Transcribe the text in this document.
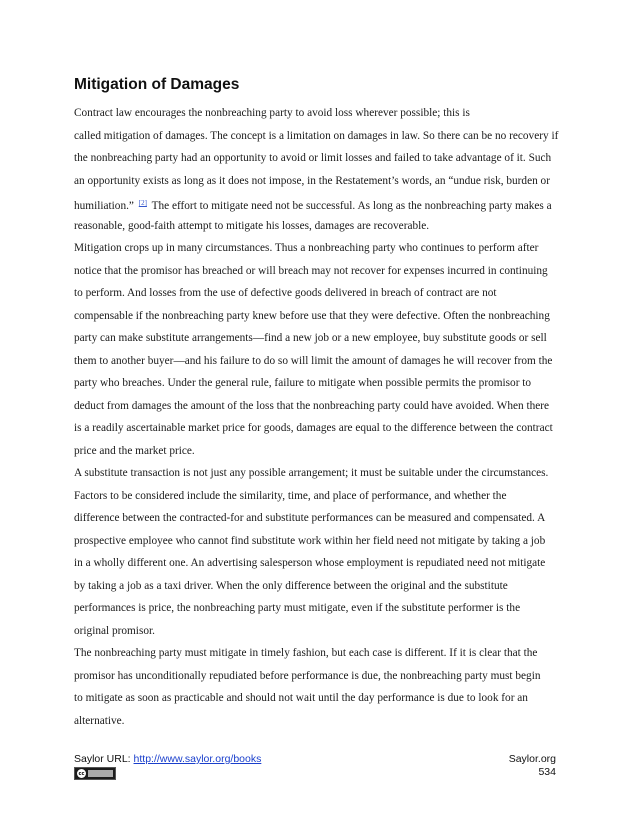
Mitigation of Damages
Contract law encourages the nonbreaching party to avoid loss wherever possible; this is
called mitigation of damages. The concept is a limitation on damages in law. So there can be no recovery if
the nonbreaching party had an opportunity to avoid or limit losses and failed to take advantage of it. Such
an opportunity exists as long as it does not impose, in the Restatement’s words, an “undue risk, burden or
humiliation.” [2] The effort to mitigate need not be successful. As long as the nonbreaching party makes a
reasonable, good-faith attempt to mitigate his losses, damages are recoverable.
Mitigation crops up in many circumstances. Thus a nonbreaching party who continues to perform after
notice that the promisor has breached or will breach may not recover for expenses incurred in continuing
to perform. And losses from the use of defective goods delivered in breach of contract are not
compensable if the nonbreaching party knew before use that they were defective. Often the nonbreaching
party can make substitute arrangements—find a new job or a new employee, buy substitute goods or sell
them to another buyer—and his failure to do so will limit the amount of damages he will recover from the
party who breaches. Under the general rule, failure to mitigate when possible permits the promisor to
deduct from damages the amount of the loss that the nonbreaching party could have avoided. When there
is a readily ascertainable market price for goods, damages are equal to the difference between the contract
price and the market price.
A substitute transaction is not just any possible arrangement; it must be suitable under the circumstances.
Factors to be considered include the similarity, time, and place of performance, and whether the
difference between the contracted-for and substitute performances can be measured and compensated. A
prospective employee who cannot find substitute work within her field need not mitigate by taking a job
in a wholly different one. An advertising salesperson whose employment is repudiated need not mitigate
by taking a job as a taxi driver. When the only difference between the original and the substitute
performances is price, the nonbreaching party must mitigate, even if the substitute performer is the
original promisor.
The nonbreaching party must mitigate in timely fashion, but each case is different. If it is clear that the
promisor has unconditionally repudiated before performance is due, the nonbreaching party must begin
to mitigate as soon as practicable and should not wait until the day performance is due to look for an
alternative.
Saylor URL: http://www.saylor.org/books
cc
Saylor.org
534
